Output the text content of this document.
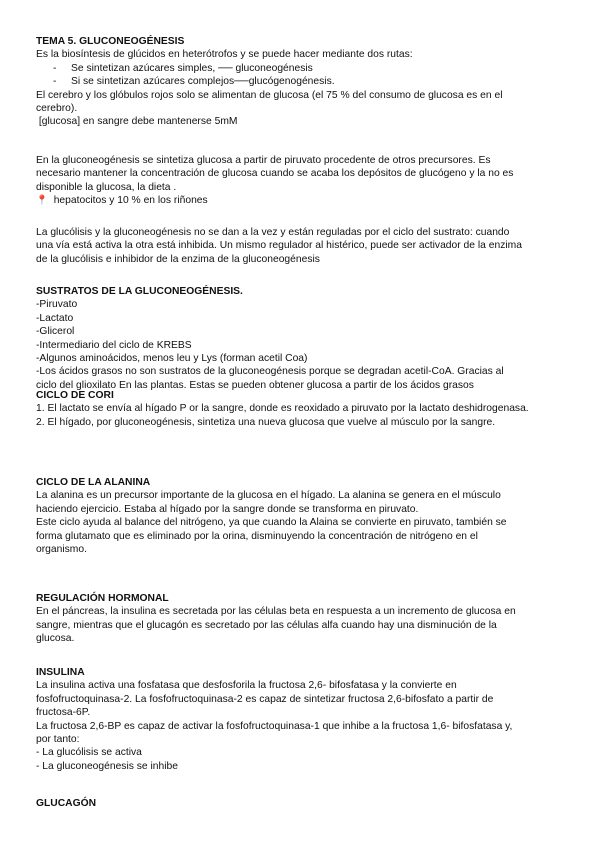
TEMA 5. GLUCONEOGÉNESIS

Es la biosíntesis de glúcidos en heterótrofos y se puede hacer mediante dos rutas:

- Se sintetizan azúcares simples, ── gluconeogénesis
- Si se sintetizan azúcares complejos──glucógenogénesis.

El cerebro y los glóbulos rojos solo se alimentan de glucosa (el 75 % del consumo de glucosa es en el

cerebro).

[glucosa] en sangre debe mantenerse 5mM

En la gluconeogénesis se sintetiza glucosa a partir de piruvato procedente de otros precursores. Es

necesario mantener la concentración de glucosa cuando se acaba los depósitos de glucógeno y la no es

disponible la glucosa, la dieta .

📍 hepatocitos y 10 % en los riñones

La glucólisis y la gluconeogénesis no se dan a la vez y están reguladas por el ciclo del sustrato: cuando

una vía está activa la otra está inhibida. Un mismo regulador al histérico, puede ser activador de la enzima

de la glucólisis e inhibidor de la enzima de la gluconeogénesis

SUSTRATOS DE LA GLUCONEOGÉNESIS.

-Piruvato

-Lactato

-Glicerol

-Intermediario del ciclo de KREBS

-Algunos aminoácidos, menos leu y Lys (forman acetil Coa)

-Los ácidos grasos no son sustratos de la gluconeogénesis porque se degradan acetil-CoA. Gracias al

ciclo del glioxilato En las plantas. Estas se pueden obtener glucosa a partir de los ácidos grasos

CICLO DE CORI

1. El lactato se envía al hígado P or la sangre, donde es reoxidado a piruvato por la lactato deshidrogenasa.

2. El hígado, por gluconeogénesis, sintetiza una nueva glucosa que vuelve al músculo por la sangre.

CICLO DE LA ALANINA

La alanina es un precursor importante de la glucosa en el hígado. La alanina se genera en el músculo

haciendo ejercicio. Estaba al hígado por la sangre donde se transforma en piruvato.

Este ciclo ayuda al balance del nitrógeno, ya que cuando la Alaina se convierte en piruvato, también se

forma glutamato que es eliminado por la orina, disminuyendo la concentración de nitrógeno en el

organismo.

REGULACIÓN HORMONAL

En el páncreas, la insulina es secretada por las células beta en respuesta a un incremento de glucosa en

sangre, mientras que el glucagón es secretado por las células alfa cuando hay una disminución de la

glucosa.

INSULINA

La insulina activa una fosfatasa que desfosforila la fructosa 2,6- bifosfatasa y la convierte en

fosfofructoquinasa-2. La fosfofructoquinasa-2 es capaz de sintetizar fructosa 2,6-bifosfato a partir de

fructosa-6P.

La fructosa 2,6-BP es capaz de activar la fosfofructoquinasa-1 que inhibe a la fructosa 1,6- bifosfatasa y,

por tanto:

- La glucólisis se activa

- La gluconeogénesis se inhibe

GLUCAGÓN
